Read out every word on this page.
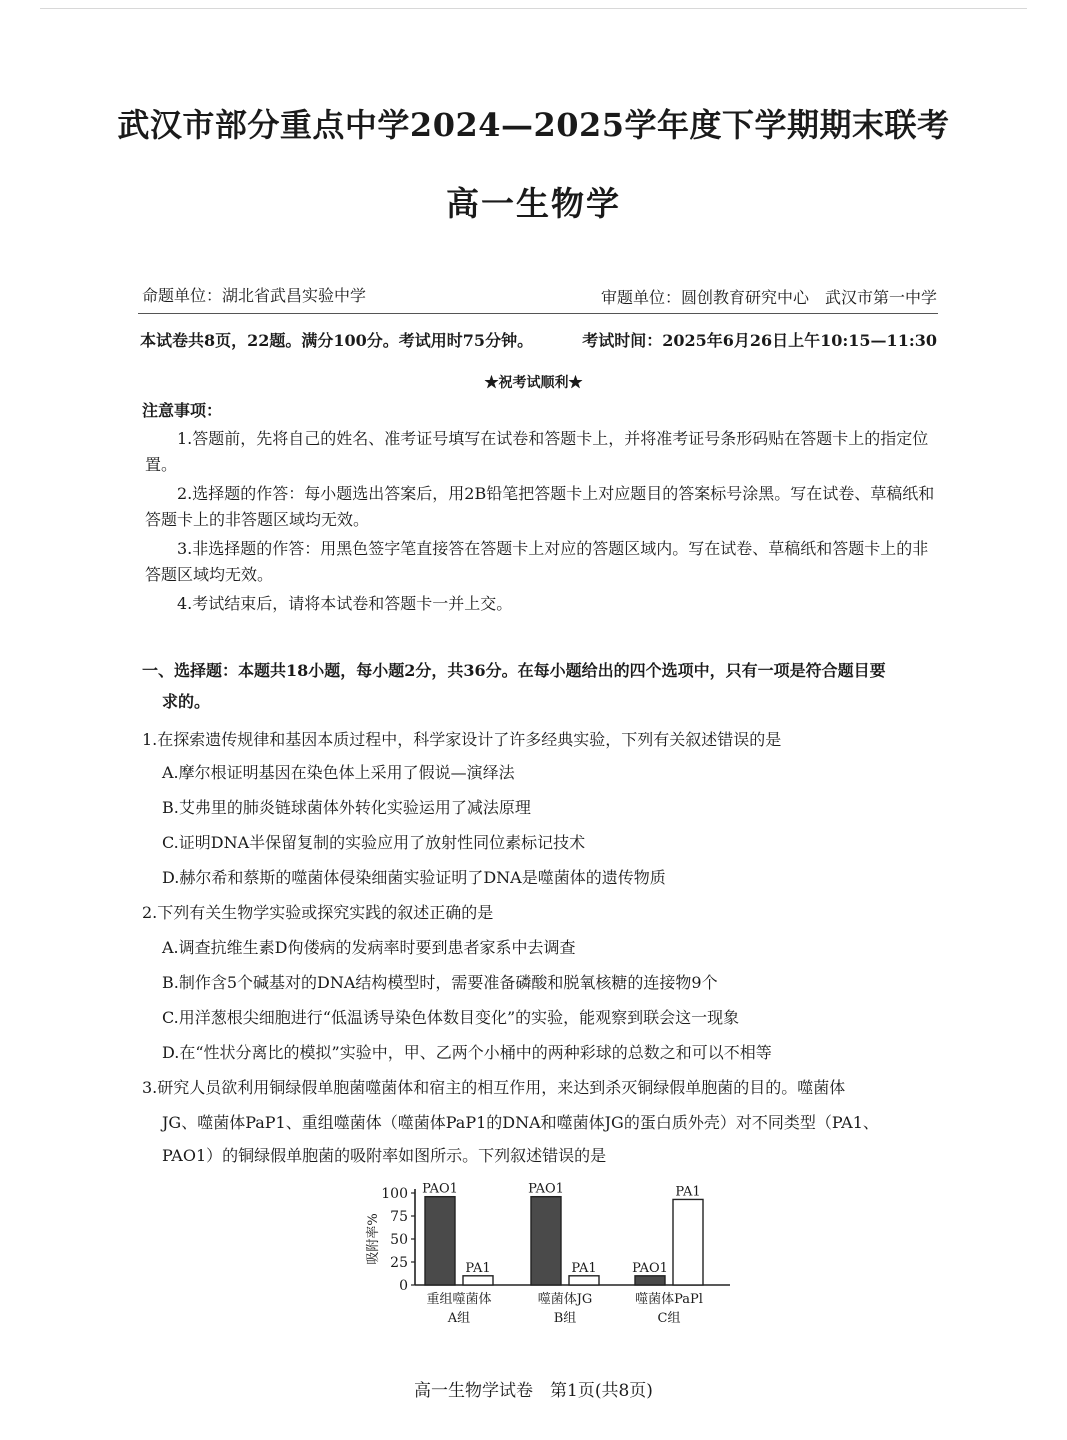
武汉市部分重点中学2024—2025学年度下学期期末联考
高一生物学
命题单位：湖北省武昌实验中学	审题单位：圆创教育研究中心　武汉市第一中学
本试卷共8页，22题。满分100分。考试用时75分钟。	考试时间：2025年6月26日上午10:15—11:30
★祝考试顺利★
注意事项：

1.答题前，先将自己的姓名、准考证号填写在试卷和答题卡上，并将准考证号条形码贴在答题卡上的指定位置。

2.选择题的作答：每小题选出答案后，用2B铅笔把答题卡上对应题目的答案标号涂黑。写在试卷、草稿纸和答题卡上的非答题区域均无效。

3.非选择题的作答：用黑色签字笔直接答在答题卡上对应的答题区域内。写在试卷、草稿纸和答题卡上的非答题区域均无效。

4.考试结束后，请将本试卷和答题卡一并上交。

一、选择题：本题共18小题，每小题2分，共36分。在每小题给出的四个选项中，只有一项是符合题目要
求的。
1.在探索遗传规律和基因本质过程中，科学家设计了许多经典实验，下列有关叙述错误的是
A.摩尔根证明基因在染色体上采用了假说—演绎法
B.艾弗里的肺炎链球菌体外转化实验运用了减法原理
C.证明DNA半保留复制的实验应用了放射性同位素标记技术
D.赫尔希和蔡斯的噬菌体侵染细菌实验证明了DNA是噬菌体的遗传物质
2.下列有关生物学实验或探究实践的叙述正确的是
A.调查抗维生素D佝偻病的发病率时要到患者家系中去调查
B.制作含5个碱基对的DNA结构模型时，需要准备磷酸和脱氧核糖的连接物9个
C.用洋葱根尖细胞进行“低温诱导染色体数目变化”的实验，能观察到联会这一现象
D.在“性状分离比的模拟”实验中，甲、乙两个小桶中的两种彩球的总数之和可以不相等
3.研究人员欲利用铜绿假单胞菌噬菌体和宿主的相互作用，来达到杀灭铜绿假单胞菌的目的。噬菌体
JG、噬菌体PaP1、重组噬菌体（噬菌体PaP1的DNA和噬菌体JG的蛋白质外壳）对不同类型（PA1、
PAO1）的铜绿假单胞菌的吸附率如图所示。下列叙述错误的是
0
25
50
75
100
吸附率%
PAO1
PA1
重组噬菌体
A组
PAO1
PA1
噬菌体JG
B组
PAO1
PA1
噬菌体PaPl
C组
高一生物学试卷　第1页(共8页)
